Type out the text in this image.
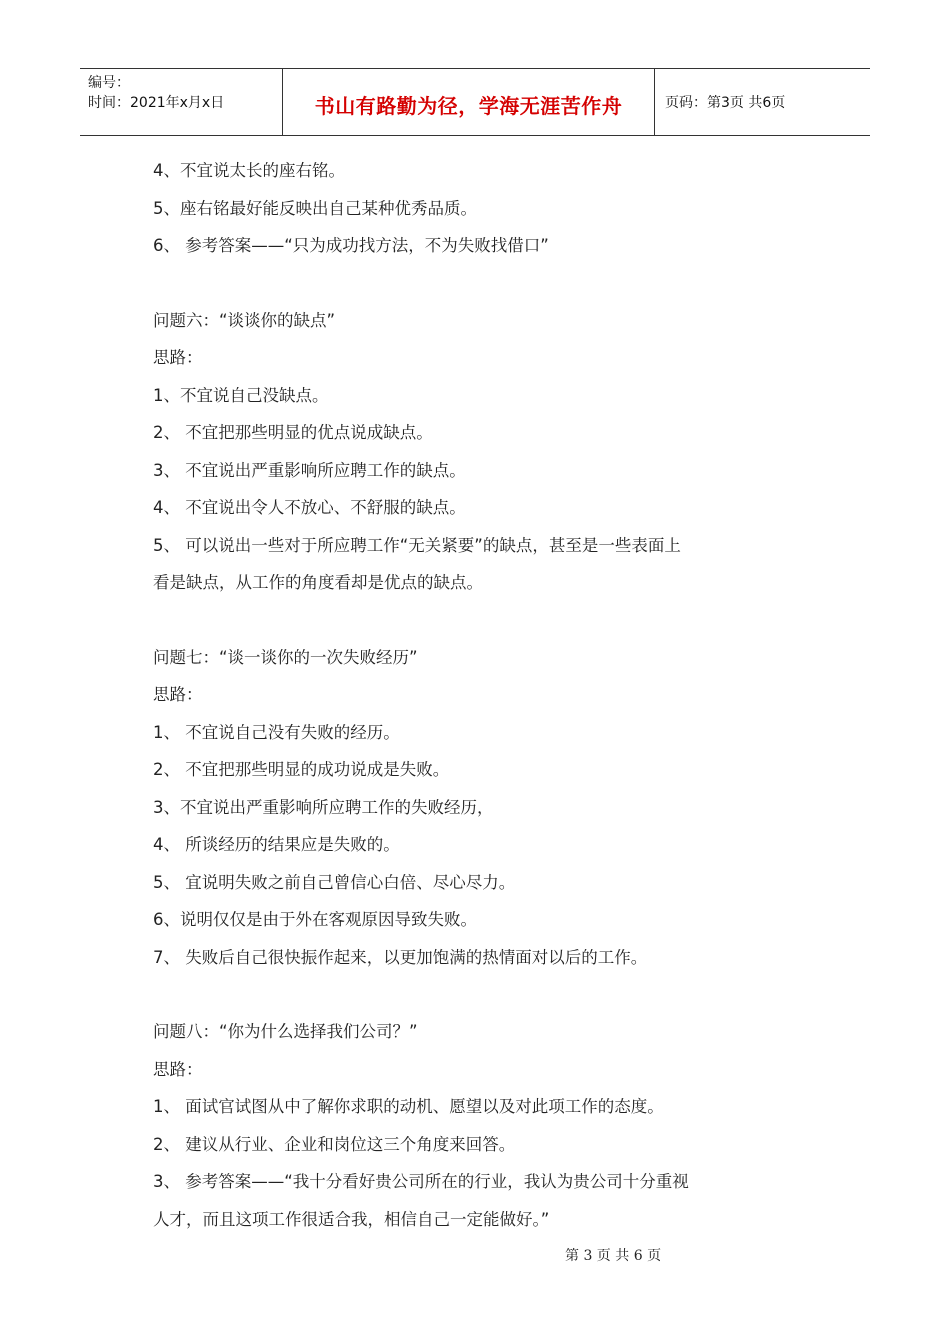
编号：
时间：2021年x月x日	书山有路勤为径，学海无涯苦作舟	页码：第3页 共6页
4、不宜说太长的座右铭。
5、座右铭最好能反映出自己某种优秀品质。
6、 参考答案——“只为成功找方法，不为失败找借口”
问题六：“谈谈你的缺点”
思路：
1、不宜说自己没缺点。
2、 不宜把那些明显的优点说成缺点。
3、 不宜说出严重影响所应聘工作的缺点。
4、 不宜说出令人不放心、不舒服的缺点。
5、 可以说出一些对于所应聘工作“无关紧要”的缺点，甚至是一些表面上
看是缺点，从工作的角度看却是优点的缺点。
问题七：“谈一谈你的一次失败经历”
思路：
1、 不宜说自己没有失败的经历。
2、 不宜把那些明显的成功说成是失败。
3、不宜说出严重影响所应聘工作的失败经历，
4、 所谈经历的结果应是失败的。
5、 宜说明失败之前自己曾信心白倍、尽心尽力。
6、说明仅仅是由于外在客观原因导致失败。
7、 失败后自己很快振作起来，以更加饱满的热情面对以后的工作。
问题八：“你为什么选择我们公司？”
思路：
1、 面试官试图从中了解你求职的动机、愿望以及对此项工作的态度。
2、 建议从行业、企业和岗位这三个角度来回答。
3、 参考答案——“我十分看好贵公司所在的行业，我认为贵公司十分重视
人才，而且这项工作很适合我，相信自己一定能做好。”
第 3 页 共 6 页
